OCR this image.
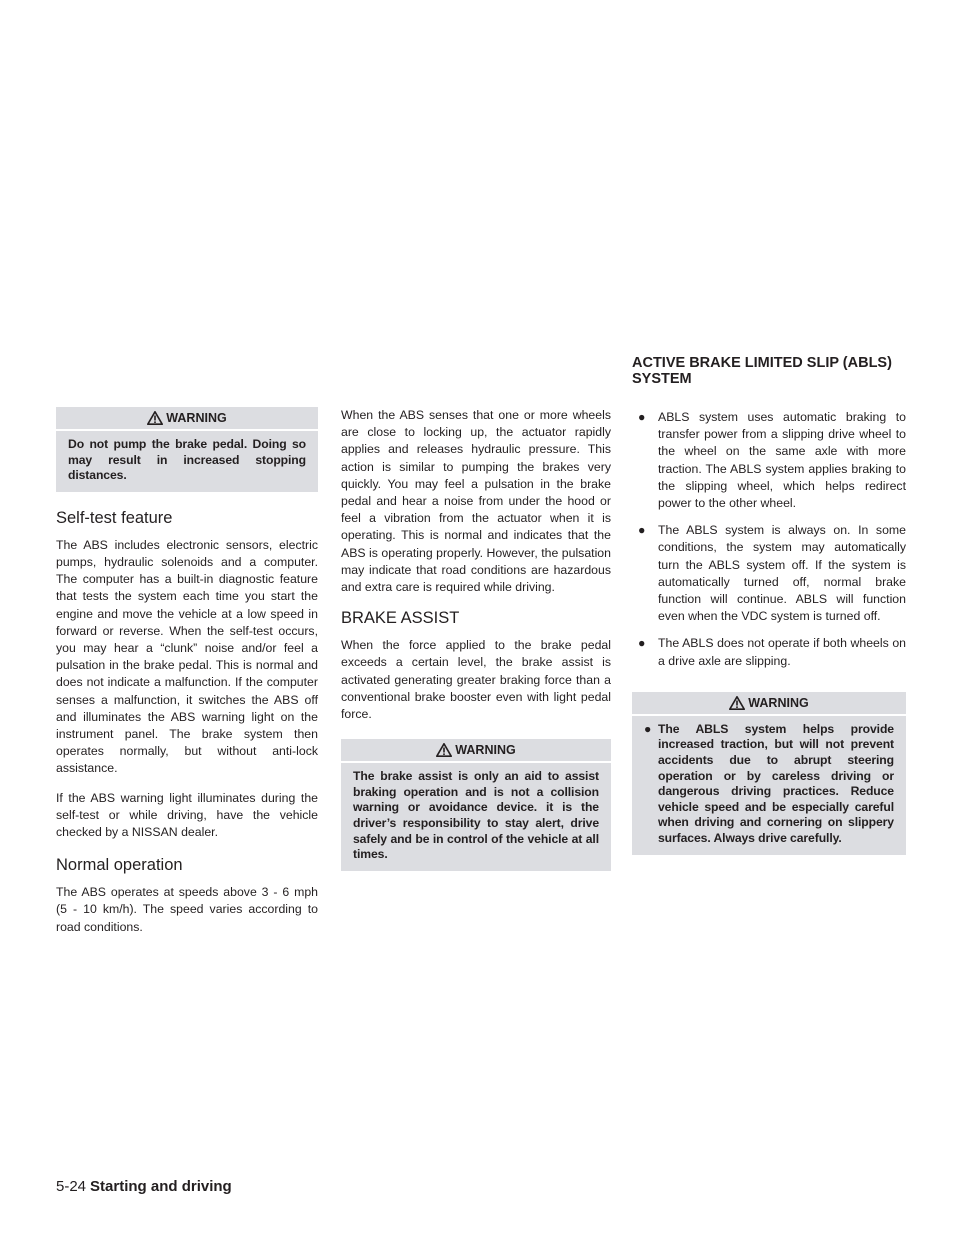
WARNING
Do not pump the brake pedal. Doing so may result in increased stopping distances.
Self-test feature

The ABS includes electronic sensors, electric pumps, hydraulic solenoids and a computer. The computer has a built-in diagnostic feature that tests the system each time you start the engine and move the vehicle at a low speed in forward or reverse. When the self-test occurs, you may hear a “clunk” noise and/or feel a pulsation in the brake pedal. This is normal and does not indicate a malfunction. If the computer senses a malfunction, it switches the ABS off and illuminates the ABS warning light on the instrument panel. The brake system then operates normally, but without anti-lock assistance.

If the ABS warning light illuminates during the self-test or while driving, have the vehicle checked by a NISSAN dealer.

Normal operation

The ABS operates at speeds above 3 - 6 mph (5 - 10 km/h). The speed varies according to road conditions.

When the ABS senses that one or more wheels are close to locking up, the actuator rapidly applies and releases hydraulic pressure. This action is similar to pumping the brakes very quickly. You may feel a pulsation in the brake pedal and hear a noise from under the hood or feel a vibration from the actuator when it is operating. This is normal and indicates that the ABS is operating properly. However, the pulsation may indicate that road conditions are hazardous and extra care is required while driving.

BRAKE ASSIST

When the force applied to the brake pedal exceeds a certain level, the brake assist is activated generating greater braking force than a conventional brake booster even with light pedal force.

WARNING
The brake assist is only an aid to assist braking operation and is not a collision warning or avoidance device. it is the driver’s responsibility to stay alert, drive safely and be in control of the vehicle at all times.
ACTIVE BRAKE LIMITED SLIP (ABLS)
SYSTEM
●	ABLS system uses automatic braking to transfer power from a slipping drive wheel to the wheel on the same axle with more traction. The ABLS system applies braking to the slipping wheel, which helps redirect power to the other wheel.
●	The ABLS system is always on. In some conditions, the system may automatically turn the ABLS system off. If the system is automatically turned off, normal brake function will continue. ABLS will function even when the VDC system is turned off.
●	The ABLS does not operate if both wheels on a drive axle are slipping.
WARNING
● The ABLS system helps provide increased traction, but will not prevent accidents due to abrupt steering operation or by careless driving or dangerous driving practices. Reduce vehicle speed and be especially careful when driving and cornering on slippery surfaces. Always drive carefully.
5-24 Starting and driving
